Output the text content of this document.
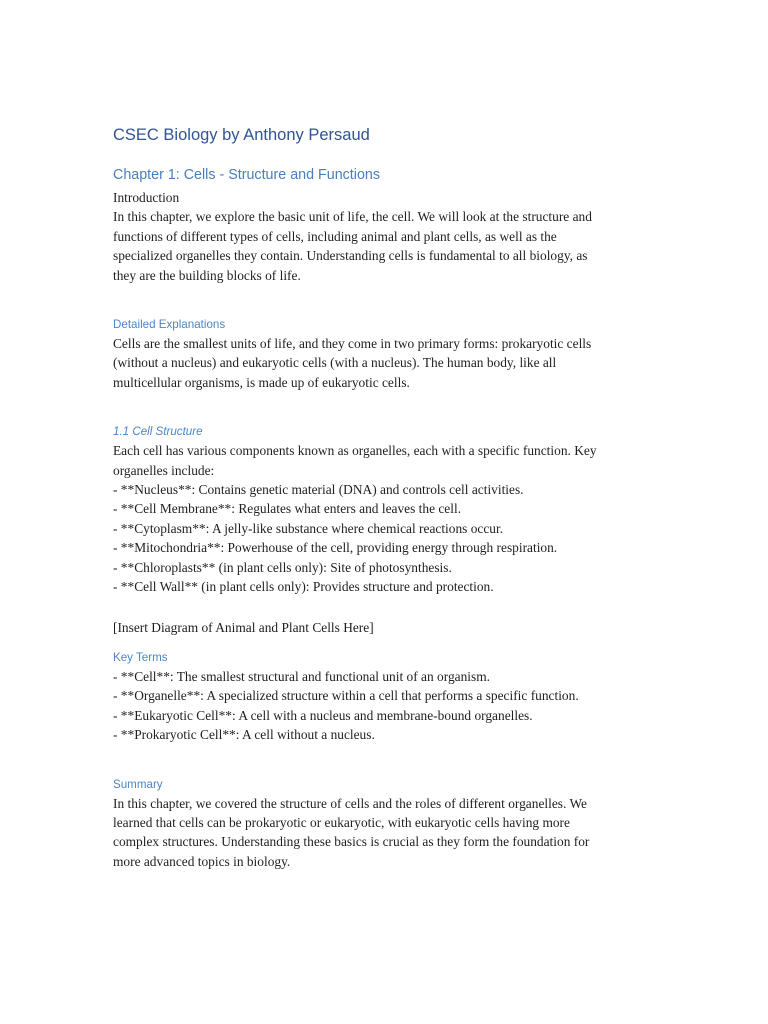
CSEC Biology by Anthony Persaud
Chapter 1: Cells - Structure and Functions
Introduction
In this chapter, we explore the basic unit of life, the cell. We will look at the structure and
functions of different types of cells, including animal and plant cells, as well as the
specialized organelles they contain. Understanding cells is fundamental to all biology, as
they are the building blocks of life.
Detailed Explanations
Cells are the smallest units of life, and they come in two primary forms: prokaryotic cells
(without a nucleus) and eukaryotic cells (with a nucleus). The human body, like all
multicellular organisms, is made up of eukaryotic cells.
1.1 Cell Structure
Each cell has various components known as organelles, each with a specific function. Key
organelles include:
- **Nucleus**: Contains genetic material (DNA) and controls cell activities.
- **Cell Membrane**: Regulates what enters and leaves the cell.
- **Cytoplasm**: A jelly-like substance where chemical reactions occur.
- **Mitochondria**: Powerhouse of the cell, providing energy through respiration.
- **Chloroplasts** (in plant cells only): Site of photosynthesis.
- **Cell Wall** (in plant cells only): Provides structure and protection.
[Insert Diagram of Animal and Plant Cells Here]
Key Terms
- **Cell**: The smallest structural and functional unit of an organism.
- **Organelle**: A specialized structure within a cell that performs a specific function.
- **Eukaryotic Cell**: A cell with a nucleus and membrane-bound organelles.
- **Prokaryotic Cell**: A cell without a nucleus.
Summary
In this chapter, we covered the structure of cells and the roles of different organelles. We
learned that cells can be prokaryotic or eukaryotic, with eukaryotic cells having more
complex structures. Understanding these basics is crucial as they form the foundation for
more advanced topics in biology.
